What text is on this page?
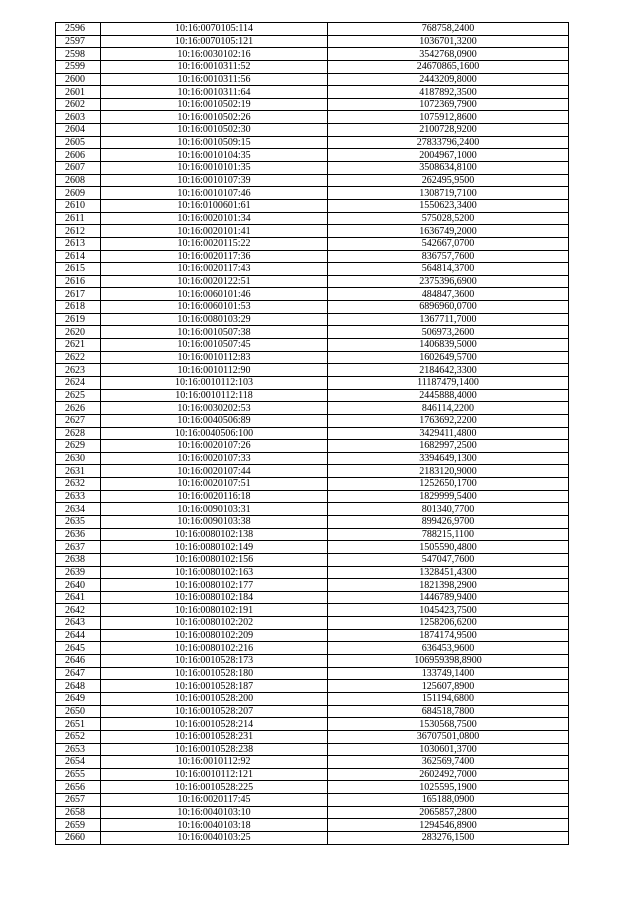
2596	10:16:0070105:114	768758,2400
2597	10:16:0070105:121	1036701,3200
2598	10:16:0030102:16	3542768,0900
2599	10:16:0010311:52	24670865,1600
2600	10:16:0010311:56	2443209,8000
2601	10:16:0010311:64	4187892,3500
2602	10:16:0010502:19	1072369,7900
2603	10:16:0010502:26	1075912,8600
2604	10:16:0010502:30	2100728,9200
2605	10:16:0010509:15	27833796,2400
2606	10:16:0010104:35	2004967,1000
2607	10:16:0010101:35	3508634,8100
2608	10:16:0010107:39	262495,9500
2609	10:16:0010107:46	1308719,7100
2610	10:16:0100601:61	1550623,3400
2611	10:16:0020101:34	575028,5200
2612	10:16:0020101:41	1636749,2000
2613	10:16:0020115:22	542667,0700
2614	10:16:0020117:36	836757,7600
2615	10:16:0020117:43	564814,3700
2616	10:16:0020122:51	2375396,6900
2617	10:16:0060101:46	484847,3600
2618	10:16:0060101:53	6896960,0700
2619	10:16:0080103:29	1367711,7000
2620	10:16:0010507:38	506973,2600
2621	10:16:0010507:45	1406839,5000
2622	10:16:0010112:83	1602649,5700
2623	10:16:0010112:90	2184642,3300
2624	10:16:0010112:103	11187479,1400
2625	10:16:0010112:118	2445888,4000
2626	10:16:0030202:53	846114,2200
2627	10:16:0040506:89	1763692,2200
2628	10:16:0040506:100	3429411,4800
2629	10:16:0020107:26	1682997,2500
2630	10:16:0020107:33	3394649,1300
2631	10:16:0020107:44	2183120,9000
2632	10:16:0020107:51	1252650,1700
2633	10:16:0020116:18	1829999,5400
2634	10:16:0090103:31	801340,7700
2635	10:16:0090103:38	899426,9700
2636	10:16:0080102:138	788215,1100
2637	10:16:0080102:149	1505590,4800
2638	10:16:0080102:156	547047,7600
2639	10:16:0080102:163	1328451,4300
2640	10:16:0080102:177	1821398,2900
2641	10:16:0080102:184	1446789,9400
2642	10:16:0080102:191	1045423,7500
2643	10:16:0080102:202	1258206,6200
2644	10:16:0080102:209	1874174,9500
2645	10:16:0080102:216	636453,9600
2646	10:16:0010528:173	106959398,8900
2647	10:16:0010528:180	133749,1400
2648	10:16:0010528:187	125607,8900
2649	10:16:0010528:200	151194,6800
2650	10:16:0010528:207	684518,7800
2651	10:16:0010528:214	1530568,7500
2652	10:16:0010528:231	36707501,0800
2653	10:16:0010528:238	1030601,3700
2654	10:16:0010112:92	362569,7400
2655	10:16:0010112:121	2602492,7000
2656	10:16:0010528:225	1025595,1900
2657	10:16:0020117:45	165188,0900
2658	10:16:0040103:10	2065857,2800
2659	10:16:0040103:18	1294546,8900
2660	10:16:0040103:25	283276,1500
